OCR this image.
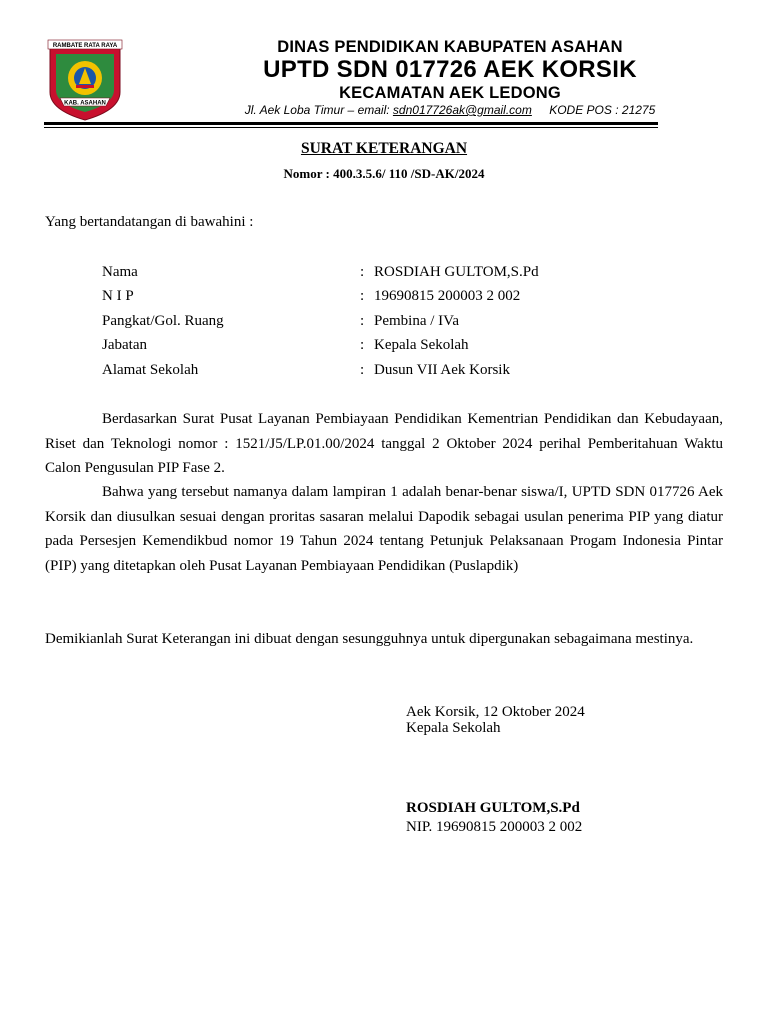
RAMBATE RATA RAYA
KAB. ASAHAN
DINAS PENDIDIKAN KABUPATEN ASAHAN
UPTD SDN 017726 AEK KORSIK
KECAMATAN AEK LEDONG
Jl. Aek Loba Timur – email: sdn017726ak@gmail.com KODE POS : 21275
SURAT KETERANGAN
Nomor : 400.3.5.6/ 110 /SD-AK/2024
Yang bertandatangan di bawahini :
Nama	: ROSDIAH GULTOM,S.Pd
N I P	: 19690815 200003 2 002
Pangkat/Gol. Ruang	: Pembina / IVa
Jabatan	: Kepala Sekolah
Alamat Sekolah	: Dusun VII Aek Korsik
Berdasarkan Surat Pusat Layanan Pembiayaan Pendidikan Kementrian Pendidikan dan Kebudayaan, Riset dan Teknologi nomor : 1521/J5/LP.01.00/2024 tanggal 2 Oktober 2024 perihal Pemberitahuan Waktu Calon Pengusulan PIP Fase 2.
Bahwa yang tersebut namanya dalam lampiran 1 adalah benar-benar siswa/I, UPTD SDN 017726 Aek Korsik dan diusulkan sesuai dengan proritas sasaran melalui Dapodik sebagai usulan penerima PIP yang diatur pada Persesjen Kemendikbud nomor 19 Tahun 2024 tentang Petunjuk Pelaksanaan Progam Indonesia Pintar (PIP) yang ditetapkan oleh Pusat Layanan Pembiayaan Pendidikan (Puslapdik)
Demikianlah Surat Keterangan ini dibuat dengan sesungguhnya untuk dipergunakan sebagaimana mestinya.
Aek Korsik, 12 Oktober 2024
Kepala Sekolah
ROSDIAH GULTOM,S.Pd
NIP. 19690815 200003 2 002
